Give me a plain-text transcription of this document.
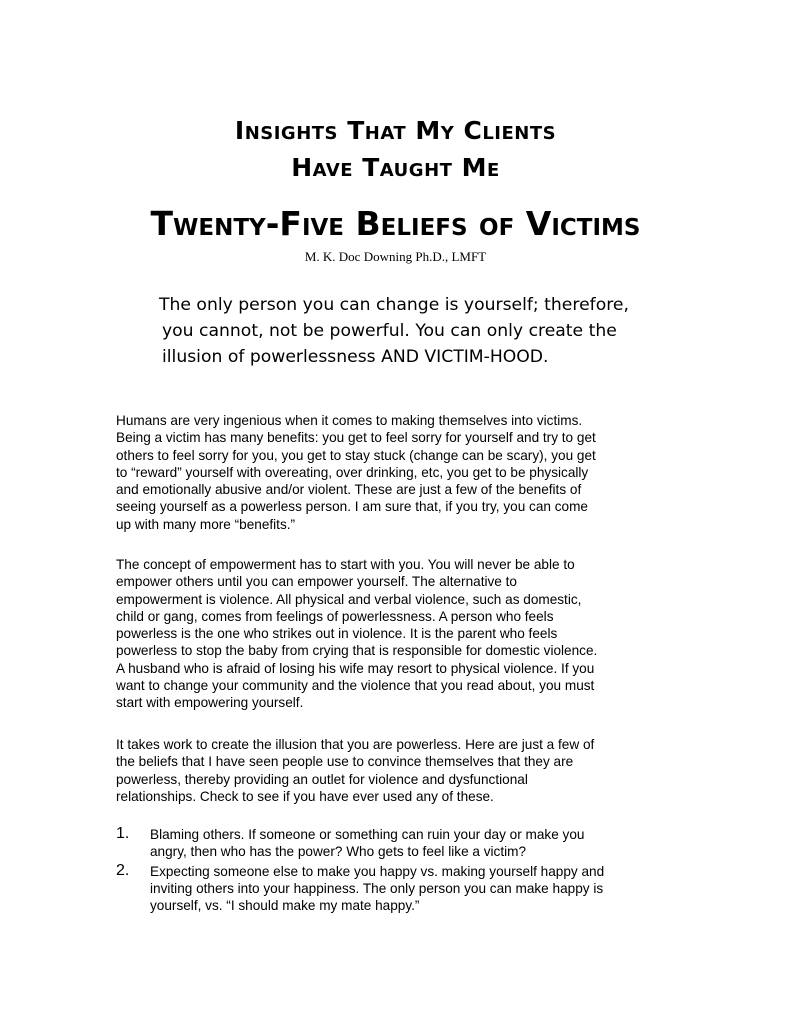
Insights That My Clients
Have Taught Me
Twenty-Five Beliefs of Victims
M. K. Doc Downing Ph.D., LMFT
The only person you can change is yourself; therefore,
you cannot, not be powerful. You can only create the
illusion of powerlessness AND VICTIM-HOOD.
Humans are very ingenious when it comes to making themselves into victims.
Being a victim has many benefits: you get to feel sorry for yourself and try to get
others to feel sorry for you, you get to stay stuck (change can be scary), you get
to “reward” yourself with overeating, over drinking, etc, you get to be physically
and emotionally abusive and/or violent. These are just a few of the benefits of
seeing yourself as a powerless person. I am sure that, if you try, you can come
up with many more “benefits.”
The concept of empowerment has to start with you. You will never be able to
empower others until you can empower yourself. The alternative to
empowerment is violence. All physical and verbal violence, such as domestic,
child or gang, comes from feelings of powerlessness. A person who feels
powerless is the one who strikes out in violence. It is the parent who feels
powerless to stop the baby from crying that is responsible for domestic violence.
A husband who is afraid of losing his wife may resort to physical violence. If you
want to change your community and the violence that you read about, you must
start with empowering yourself.
It takes work to create the illusion that you are powerless. Here are just a few of
the beliefs that I have seen people use to convince themselves that they are
powerless, thereby providing an outlet for violence and dysfunctional
relationships. Check to see if you have ever used any of these.
1. Blaming others. If someone or something can ruin your day or make you
angry, then who has the power? Who gets to feel like a victim?
2. Expecting someone else to make you happy vs. making yourself happy and
inviting others into your happiness. The only person you can make happy is
yourself, vs. “I should make my mate happy.”
